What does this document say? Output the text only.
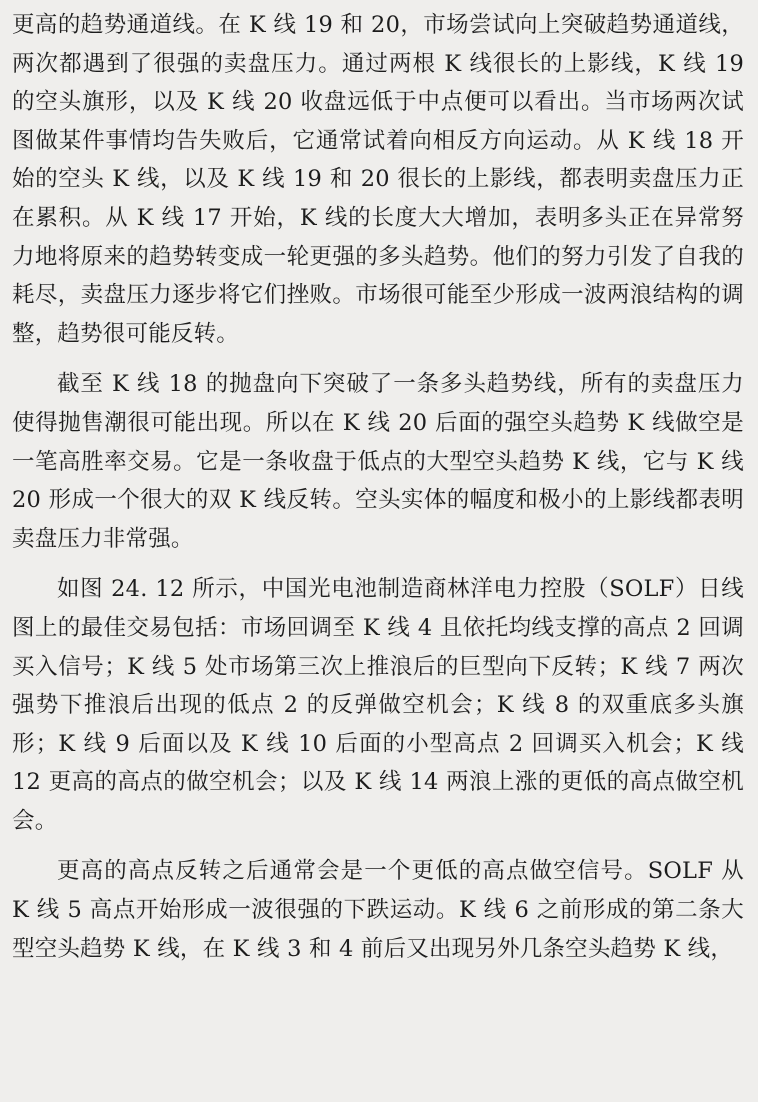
更高的趋势通道线。在 K 线 19 和 20，市场尝试向上突破趋势通道线，两次都遇到了很强的卖盘压力。通过两根 K 线很长的上影线，K 线 19 的空头旗形，以及 K 线 20 收盘远低于中点便可以看出。当市场两次试图做某件事情均告失败后，它通常试着向相反方向运动。从 K 线 18 开始的空头 K 线，以及 K 线 19 和 20 很长的上影线，都表明卖盘压力正在累积。从 K 线 17 开始，K 线的长度大大增加，表明多头正在异常努力地将原来的趋势转变成一轮更强的多头趋势。他们的努力引发了自我的耗尽，卖盘压力逐步将它们挫败。市场很可能至少形成一波两浪结构的调整，趋势很可能反转。

截至 K 线 18 的抛盘向下突破了一条多头趋势线，所有的卖盘压力使得抛售潮很可能出现。所以在 K 线 20 后面的强空头趋势 K 线做空是一笔高胜率交易。它是一条收盘于低点的大型空头趋势 K 线，它与 K 线 20 形成一个很大的双 K 线反转。空头实体的幅度和极小的上影线都表明卖盘压力非常强。

如图 24. 12 所示，中国光电池制造商林洋电力控股（SOLF）日线图上的最佳交易包括：市场回调至 K 线 4 且依托均线支撑的高点 2 回调买入信号；K 线 5 处市场第三次上推浪后的巨型向下反转；K 线 7 两次强势下推浪后出现的低点 2 的反弹做空机会；K 线 8 的双重底多头旗形；K 线 9 后面以及 K 线 10 后面的小型高点 2 回调买入机会；K 线 12 更高的高点的做空机会；以及 K 线 14 两浪上涨的更低的高点做空机会。

更高的高点反转之后通常会是一个更低的高点做空信号。SOLF 从 K 线 5 高点开始形成一波很强的下跌运动。K 线 6 之前形成的第二条大型空头趋势 K 线，在 K 线 3 和 4 前后又出现另外几条空头趋势 K 线，
